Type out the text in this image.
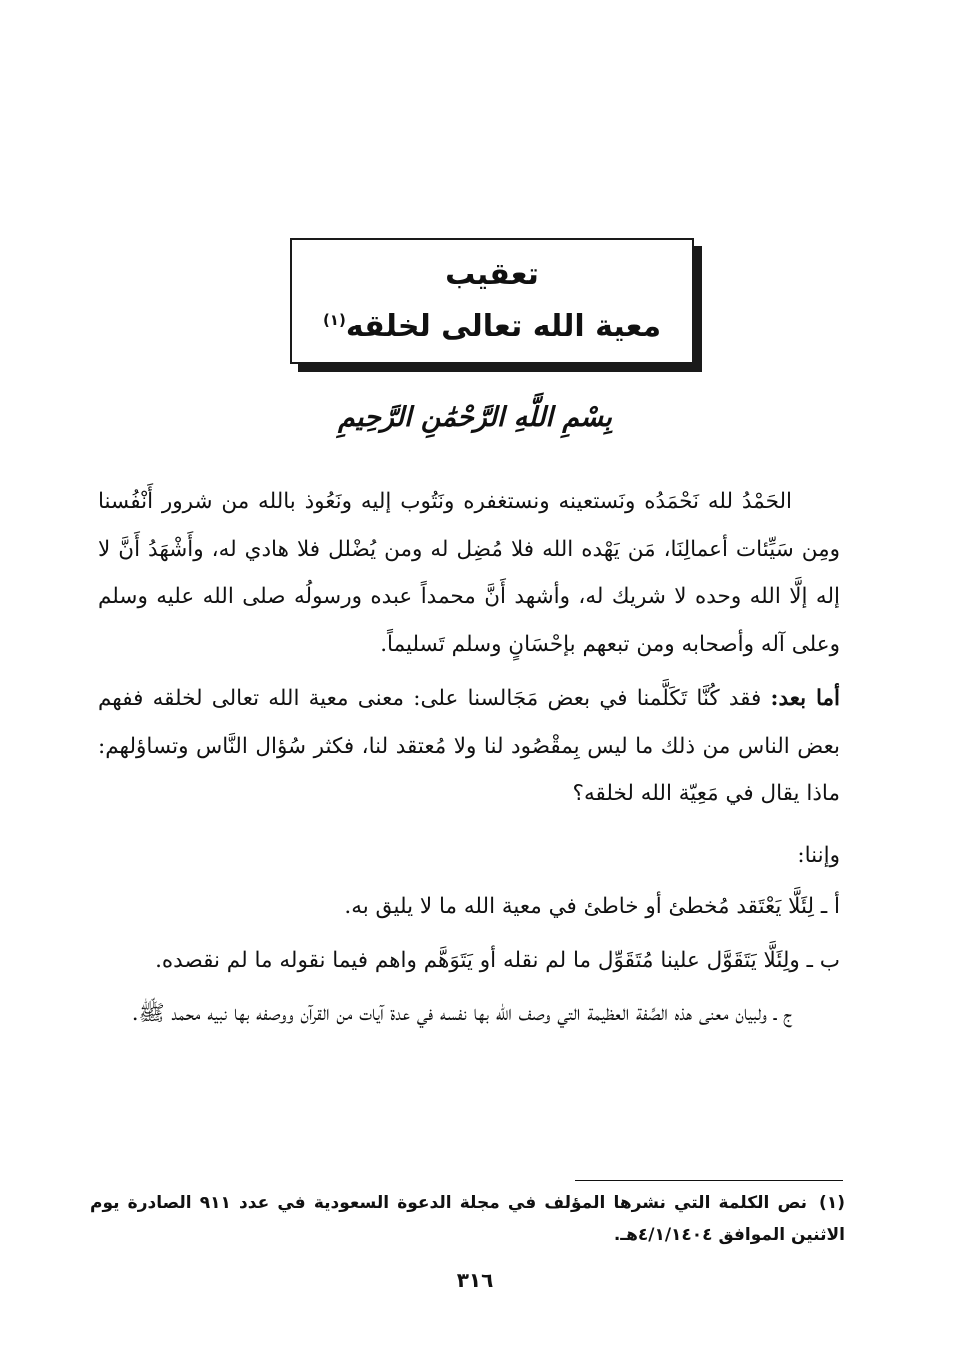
تعقيب
معية الله تعالى لخلقه$^{(١)}$
بِسْمِ اللَّهِ الرَّحْمَٰنِ الرَّحِيمِ

الحَمْدُ لله نَحْمَدُه ونَستعينه ونستغفره ونَتُوب إليه ونَعُوذ بالله من شرور أَنْفُسنا ومِن سَيِّئات أعمالِنَا، مَن يَهْده الله فلا مُضِل له ومن يُضْلل فلا هادي له، وأَشْهَدُ أَنَّ لا إله إلَّا الله وحده لا شريك له، وأشهد أَنَّ محمداً عبده ورسولُه صلى الله عليه وسلم وعلى آله وأصحابه ومن تبعهم بإحْسَانٍ وسلم تَسليماً.

أما بعد: فقد كُنَّا تَكَلَّمنا في بعض مَجَالسنا على: معنى معية الله تعالى لخلقه ففهم بعض الناس من ذلك ما ليس بِمقْصُود لنا ولا مُعتقد لنا، فكثر سُؤال النَّاس وتساؤلهم: ماذا يقال في مَعِيّة الله لخلقه؟

وإننا:

أ ـ لِئَلَّا يَعْتَقد مُخطئ أو خاطئ في معية الله ما لا يليق به.

ب ـ ولِئَلَّا يَتَقَوَّل علينا مُتَقَوِّل ما لم نقله أو يَتَوَهَّم واهم فيما نقوله ما لم نقصده.

ج ـ ولبيان معنى هذه الصِّفة العظيمة التي وصف الله بها نفسه في عدة آيات من القرآن ووصفه بها نبيه محمد ﷺ.

(١)نص الكلمة التي نشرها المؤلف في مجلة الدعوة السعودية في عدد ٩١١ الصادرة يوم الاثنين الموافق ٤/١/١٤٠٤هـ.
٣١٦
